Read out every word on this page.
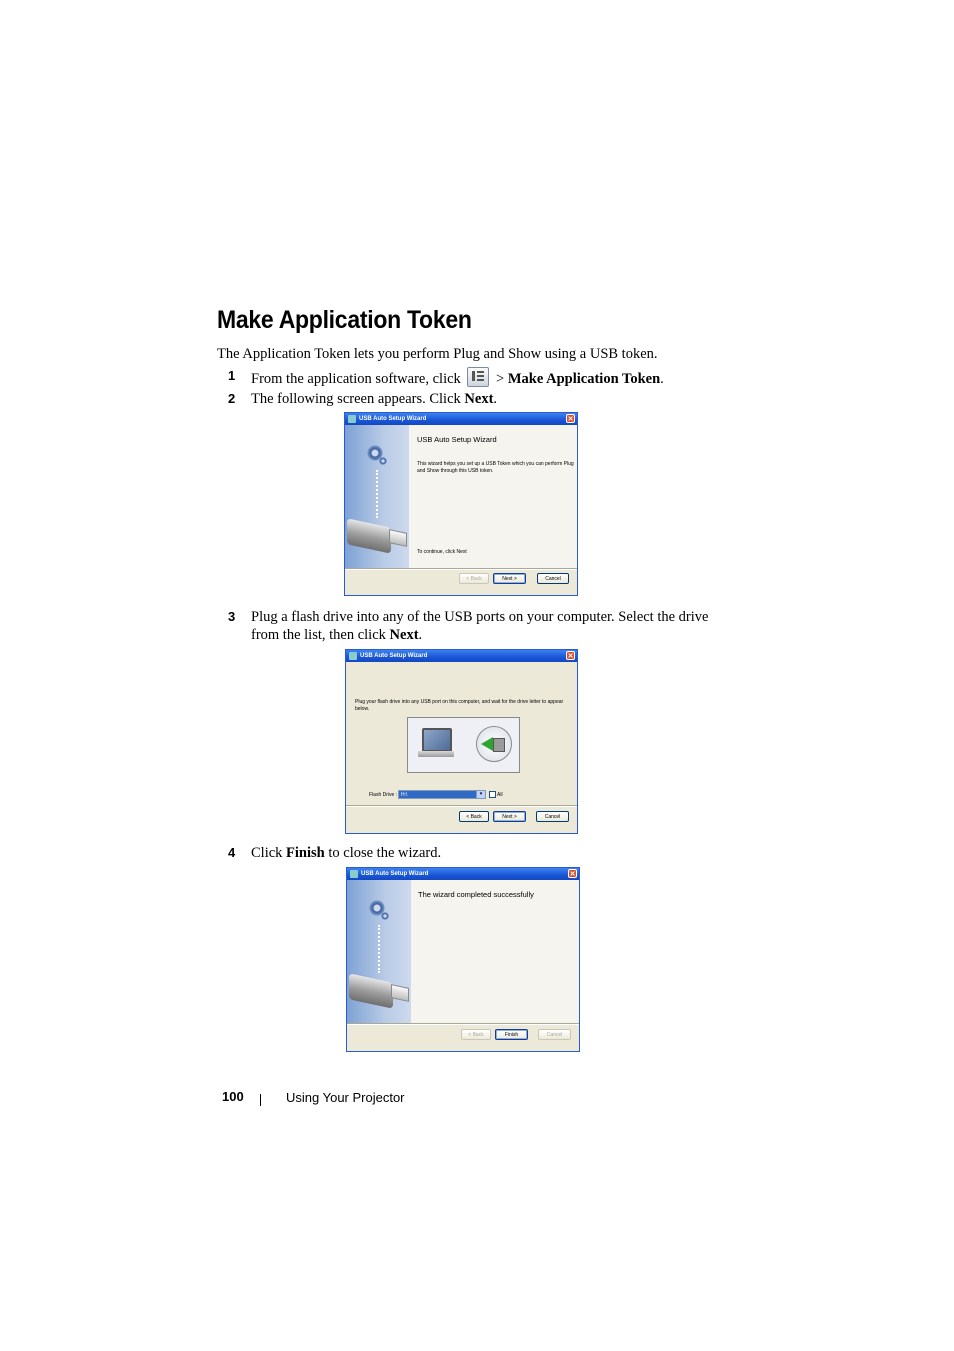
Make Application Token
The Application Token lets you perform Plug and Show using a USB token.
1 From the application software, click  > Make Application Token.
2 The following screen appears. Click Next.
USB Auto Setup Wizard	✕
USB Auto Setup Wizard
This wizard helps you set up a USB Token which you can perform Plug and Show through this USB token.
To continue, click Next
< Back	Next >	Cancel
3 Plug a flash drive into any of the USB ports on your computer. Select the drive
from the list, then click Next.
USB Auto Setup Wizard	✕
Plug your flash drive into any USB port on this computer, and wait for the drive letter to appear below.
Flash Drive : H:\	▾	All
< Back	Next >	Cancel
4 Click Finish to close the wizard.
USB Auto Setup Wizard	✕
The wizard completed successfully
< Back	Finish	Cancel
100	Using Your Projector
